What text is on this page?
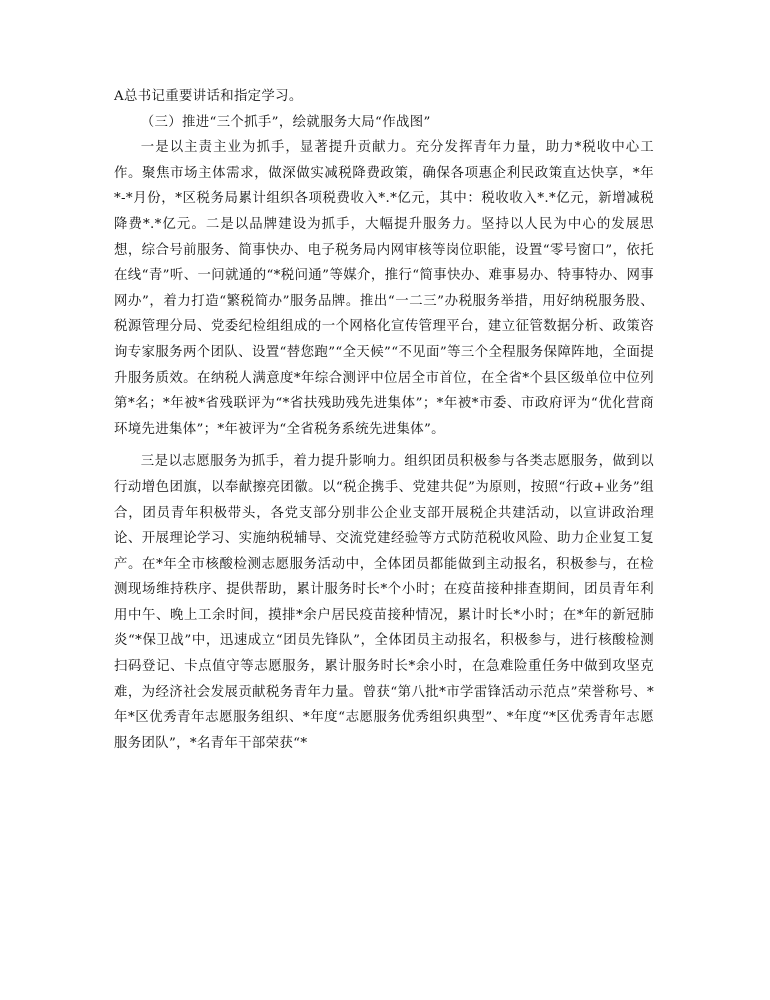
A总书记重要讲话和指定学习。

（三）推进“三个抓手”，绘就服务大局“作战图”

一是以主责主业为抓手，显著提升贡献力。充分发挥青年力量，助力*税收中心工作。聚焦市场主体需求，做深做实减税降费政策，确保各项惠企利民政策直达快享，*年*-*月份，*区税务局累计组织各项税费收入*.*亿元，其中：税收收入*.*亿元，新增减税降费*.*亿元。二是以品牌建设为抓手，大幅提升服务力。坚持以人民为中心的发展思想，综合号前服务、简事快办、电子税务局内网审核等岗位职能，设置“零号窗口”，依托在线“青”听、一问就通的“*税问通”等媒介，推行“简事快办、难事易办、特事特办、网事网办”，着力打造“繁税简办”服务品牌。推出“一二三”办税服务举措，用好纳税服务股、税源管理分局、党委纪检组组成的一个网格化宣传管理平台，建立征管数据分析、政策咨询专家服务两个团队、设置“替您跑”“全天候”“不见面”等三个全程服务保障阵地，全面提升服务质效。在纳税人满意度*年综合测评中位居全市首位，在全省*个县区级单位中位列第*名；*年被*省残联评为“*省扶残助残先进集体”；*年被*市委、市政府评为“优化营商环境先进集体”；*年被评为“全省税务系统先进集体”。

三是以志愿服务为抓手，着力提升影响力。组织团员积极参与各类志愿服务，做到以行动增色团旗，以奉献擦亮团徽。以“税企携手、党建共促”为原则，按照“行政+业务”组合，团员青年积极带头，各党支部分别非公企业支部开展税企共建活动，以宣讲政治理论、开展理论学习、实施纳税辅导、交流党建经验等方式防范税收风险、助力企业复工复产。在*年全市核酸检测志愿服务活动中，全体团员都能做到主动报名，积极参与，在检测现场维持秩序、提供帮助，累计服务时长*个小时；在疫苗接种排查期间，团员青年利用中午、晚上工余时间，摸排*余户居民疫苗接种情况，累计时长*小时；在*年的新冠肺炎“*保卫战”中，迅速成立“团员先锋队”，全体团员主动报名，积极参与，进行核酸检测扫码登记、卡点值守等志愿服务，累计服务时长*余小时，在急难险重任务中做到攻坚克难，为经济社会发展贡献税务青年力量。曾获“第八批*市学雷锋活动示范点”荣誉称号、*年*区优秀青年志愿服务组织、*年度“志愿服务优秀组织典型”、*年度“*区优秀青年志愿服务团队”，*名青年干部荣获“*
